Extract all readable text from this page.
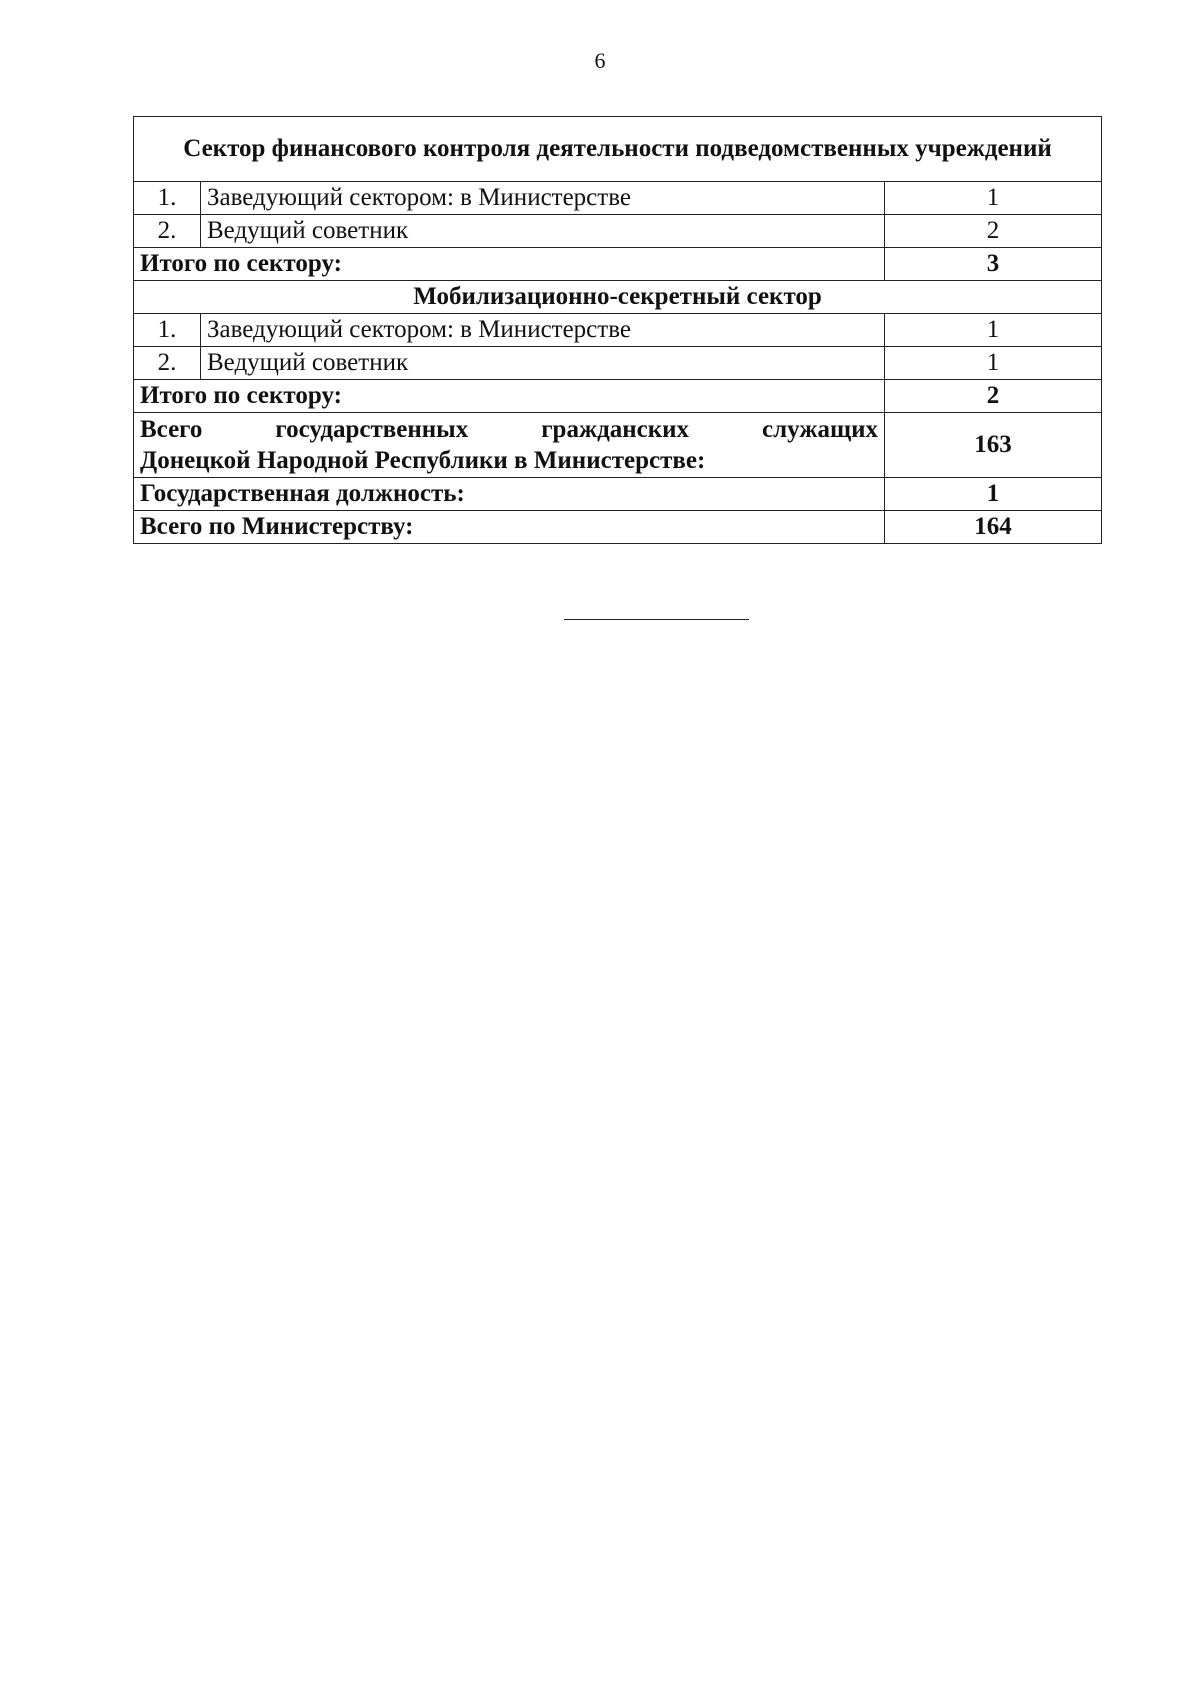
6
Сектор финансового контроля деятельности подведомственных учреждений		
1.	Заведующий сектором: в Министерстве	1
2.	Ведущий советник	2
Итого по сектору:		3
Мобилизационно-секретный сектор		
1.	Заведующий сектором: в Министерстве	1
2.	Ведущий советник	1
Итого по сектору:		2

Всего государственных гражданских служащих
Донецкой Народной Республики в Министерстве:		163
Государственная должность:		1
Всего по Министерству:		164
